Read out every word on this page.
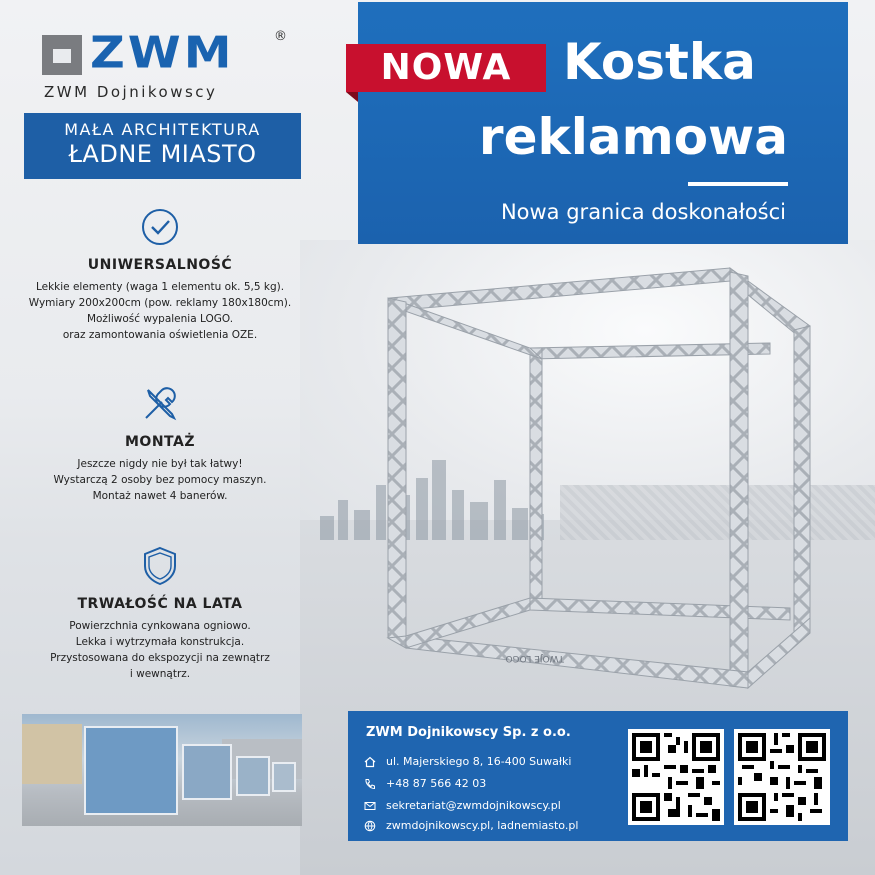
ZWM	®
ZWM Dojnikowscy
MAŁA ARCHITEKTURA
ŁADNE MIASTO
UNIWERSALNOŚĆ

Lekkie elementy (waga 1 elementu ok. 5,5 kg).
Wymiary 200x200cm (pow. reklamy 180x180cm).
Możliwość wypalenia LOGO.
oraz zamontowania oświetlenia OZE.

MONTAŻ

Jeszcze nigdy nie był tak łatwy!
Wystarczą 2 osoby bez pomocy maszyn.
Montaż nawet 4 banerów.

TRWAŁOŚĆ NA LATA

Powierzchnia cynkowana ogniowo.
Lekka i wytrzymała konstrukcja.
Przystosowana do ekspozycji na zewnątrz
i wewnątrz.

NOWA	Kostka
reklamowa
Nowa granica doskonałości
TWOJE LOGO
ZWM Dojnikowscy Sp. z o.o.
ul. Majerskiego 8, 16-400 Suwałki
+48 87 566 42 03
sekretariat@zwmdojnikowscy.pl
zwmdojnikowscy.pl, ladnemiasto.pl
